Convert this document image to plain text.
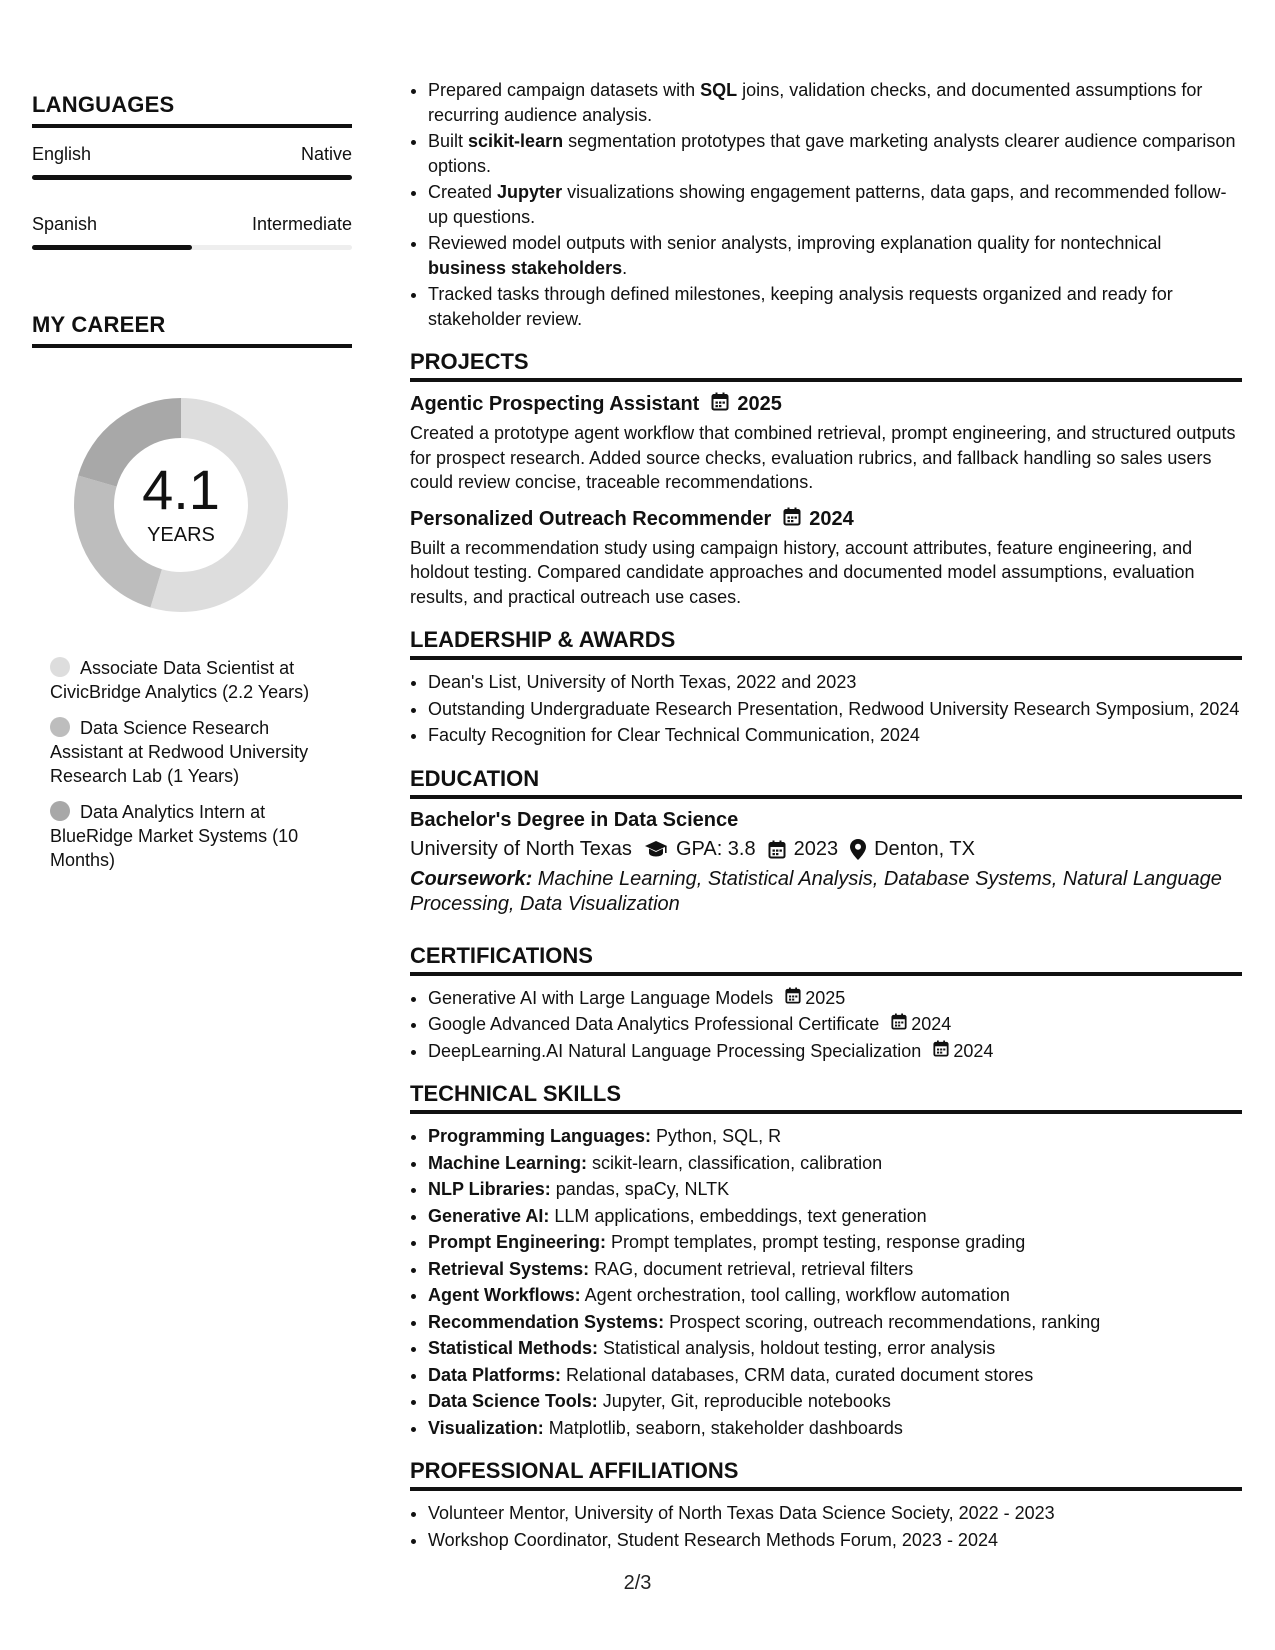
LANGUAGES
English	Native
Spanish	Intermediate
MY CAREER
4.1
YEARS
Associate Data Scientist at CivicBridge Analytics (2.2 Years)
Data Science Research Assistant at Redwood University Research Lab (1 Years)
Data Analytics Intern at BlueRidge Market Systems (10 Months)
• Prepared campaign datasets with SQL joins, validation checks, and documented assumptions for recurring audience analysis.
• Built scikit-learn segmentation prototypes that gave marketing analysts clearer audience comparison options.
• Created Jupyter visualizations showing engagement patterns, data gaps, and recommended follow-up questions.
• Reviewed model outputs with senior analysts, improving explanation quality for nontechnical business stakeholders.
• Tracked tasks through defined milestones, keeping analysis requests organized and ready for stakeholder review.
PROJECTS
Agentic Prospecting Assistant 2025
Created a prototype agent workflow that combined retrieval, prompt engineering, and structured outputs for prospect research. Added source checks, evaluation rubrics, and fallback handling so sales users could review concise, traceable recommendations.
Personalized Outreach Recommender 2024
Built a recommendation study using campaign history, account attributes, feature engineering, and holdout testing. Compared candidate approaches and documented model assumptions, evaluation results, and practical outreach use cases.
LEADERSHIP & AWARDS
• Dean's List, University of North Texas, 2022 and 2023
• Outstanding Undergraduate Research Presentation, Redwood University Research Symposium, 2024
• Faculty Recognition for Clear Technical Communication, 2024
EDUCATION
Bachelor's Degree in Data Science
University of North Texas GPA: 3.8 2023 Denton, TX
Coursework: Machine Learning, Statistical Analysis, Database Systems, Natural Language Processing, Data Visualization
CERTIFICATIONS
• Generative AI with Large Language Models 2025
• Google Advanced Data Analytics Professional Certificate 2024
• DeepLearning.AI Natural Language Processing Specialization 2024
TECHNICAL SKILLS
• Programming Languages: Python, SQL, R
• Machine Learning: scikit-learn, classification, calibration
• NLP Libraries: pandas, spaCy, NLTK
• Generative AI: LLM applications, embeddings, text generation
• Prompt Engineering: Prompt templates, prompt testing, response grading
• Retrieval Systems: RAG, document retrieval, retrieval filters
• Agent Workflows: Agent orchestration, tool calling, workflow automation
• Recommendation Systems: Prospect scoring, outreach recommendations, ranking
• Statistical Methods: Statistical analysis, holdout testing, error analysis
• Data Platforms: Relational databases, CRM data, curated document stores
• Data Science Tools: Jupyter, Git, reproducible notebooks
• Visualization: Matplotlib, seaborn, stakeholder dashboards
PROFESSIONAL AFFILIATIONS
• Volunteer Mentor, University of North Texas Data Science Society, 2022 - 2023
• Workshop Coordinator, Student Research Methods Forum, 2023 - 2024
2/3
